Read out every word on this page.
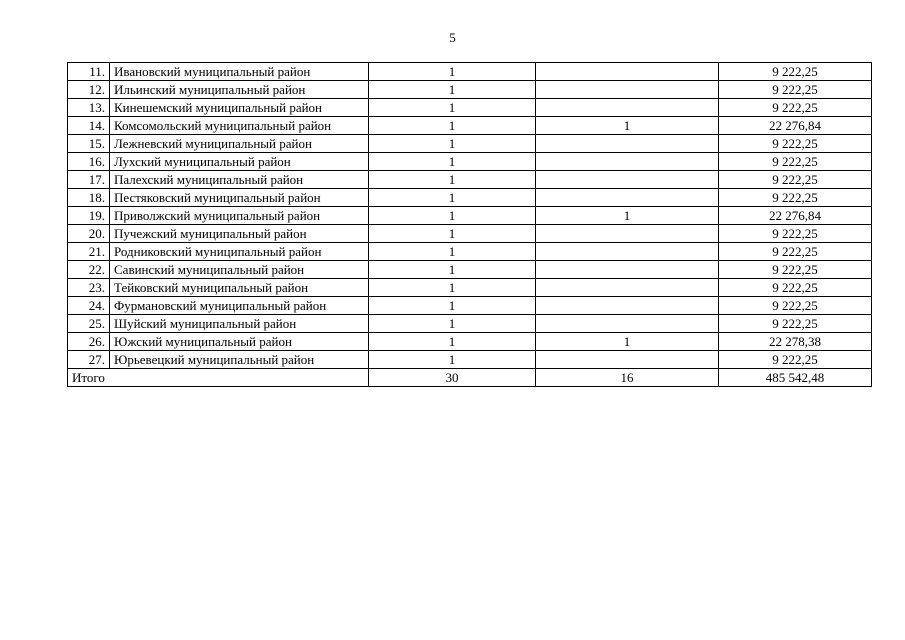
5
11.	Ивановский муниципальный район	1		9 222,25
12.	Ильинский муниципальный район	1		9 222,25
13.	Кинешемский муниципальный район	1		9 222,25
14.	Комсомольский муниципальный район	1	1	22 276,84
15.	Лежневский муниципальный район	1		9 222,25
16.	Лухский муниципальный район	1		9 222,25
17.	Палехский муниципальный район	1		9 222,25
18.	Пестяковский муниципальный район	1		9 222,25
19.	Приволжский муниципальный район	1	1	22 276,84
20.	Пучежский муниципальный район	1		9 222,25
21.	Родниковский муниципальный район	1		9 222,25
22.	Савинский муниципальный район	1		9 222,25
23.	Тейковский муниципальный район	1		9 222,25
24.	Фурмановский муниципальный район	1		9 222,25
25.	Шуйский муниципальный район	1		9 222,25
26.	Южский муниципальный район	1	1	22 278,38
27.	Юрьевецкий муниципальный район	1		9 222,25
Итого		30	16	485 542,48
